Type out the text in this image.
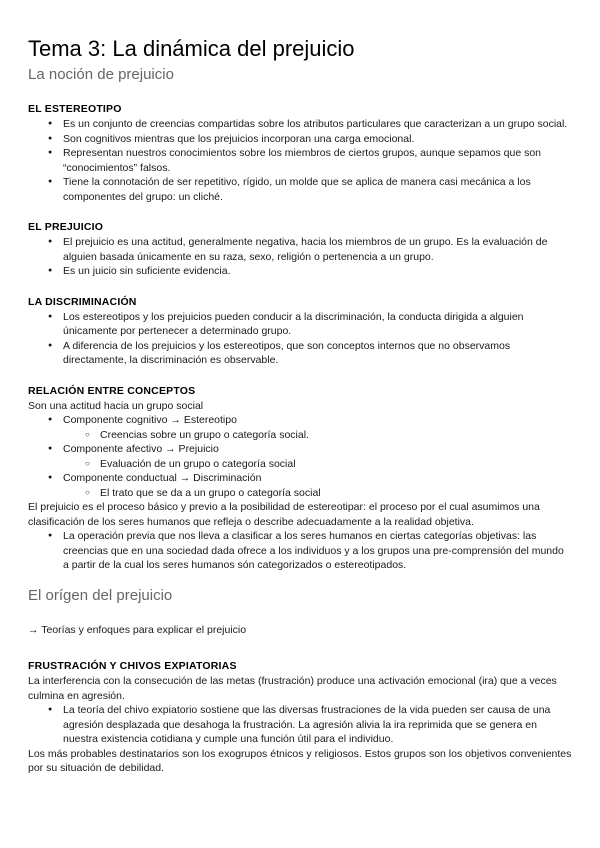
Tema 3: La dinámica del prejuicio
La noción de prejuicio
EL ESTEREOTIPO
● Es un conjunto de creencias compartidas sobre los atributos particulares que caracterizan a un grupo social.
● Son cognitivos mientras que los prejuicios incorporan una carga emocional.
● Representan nuestros conocimientos sobre los miembros de ciertos grupos, aunque sepamos que son “conocimientos” falsos.
● Tiene la connotación de ser repetitivo, rígido, un molde que se aplica de manera casi mecánica a los componentes del grupo: un cliché.
EL PREJUICIO
● El prejuicio es una actitud, generalmente negativa, hacia los miembros de un grupo. Es la evaluación de alguien basada únicamente en su raza, sexo, religión o pertenencia a un grupo.
● Es un juicio sin suficiente evidencia.
LA DISCRIMINACIÓN
● Los estereotipos y los prejuicios pueden conducir a la discriminación, la conducta dirigida a alguien únicamente por pertenecer a determinado grupo.
● A diferencia de los prejuicios y los estereotipos, que son conceptos internos que no observamos directamente, la discriminación es observable.
RELACIÓN ENTRE CONCEPTOS

Son una actitud hacia un grupo social

● Componente cognitivo → Estereotipo
○ Creencias sobre un grupo o categoría social.
● Componente afectivo → Prejuicio
○ Evaluación de un grupo o categoría social
● Componente conductual → Discriminación
○ El trato que se da a un grupo o categoría social

El prejuicio es el proceso básico y previo a la posibilidad de estereotipar: el proceso por el cual asumimos una clasificación de los seres humanos que refleja o describe adecuadamente a la realidad objetiva.

● La operación previa que nos lleva a clasificar a los seres humanos en ciertas categorías objetivas: las creencias que en una sociedad dada ofrece a los individuos y a los grupos una pre-comprensión del mundo a partir de la cual los seres humanos són categorizados o estereotipados.
El orígen del prejuicio

→ Teorías y enfoques para explicar el prejuicio

FRUSTRACIÓN Y CHIVOS EXPIATORIAS

La interferencia con la consecución de las metas (frustración) produce una activación emocional (ira) que a veces culmina en agresión.

● La teoría del chivo expiatorio sostiene que las diversas frustraciones de la vida pueden ser causa de una agresión desplazada que desahoga la frustración. La agresión alivia la ira reprimida que se genera en nuestra existencia cotidiana y cumple una función útil para el individuo.

Los más probables destinatarios son los exogrupos étnicos y religiosos. Estos grupos son los objetivos convenientes por su situación de debilidad.
